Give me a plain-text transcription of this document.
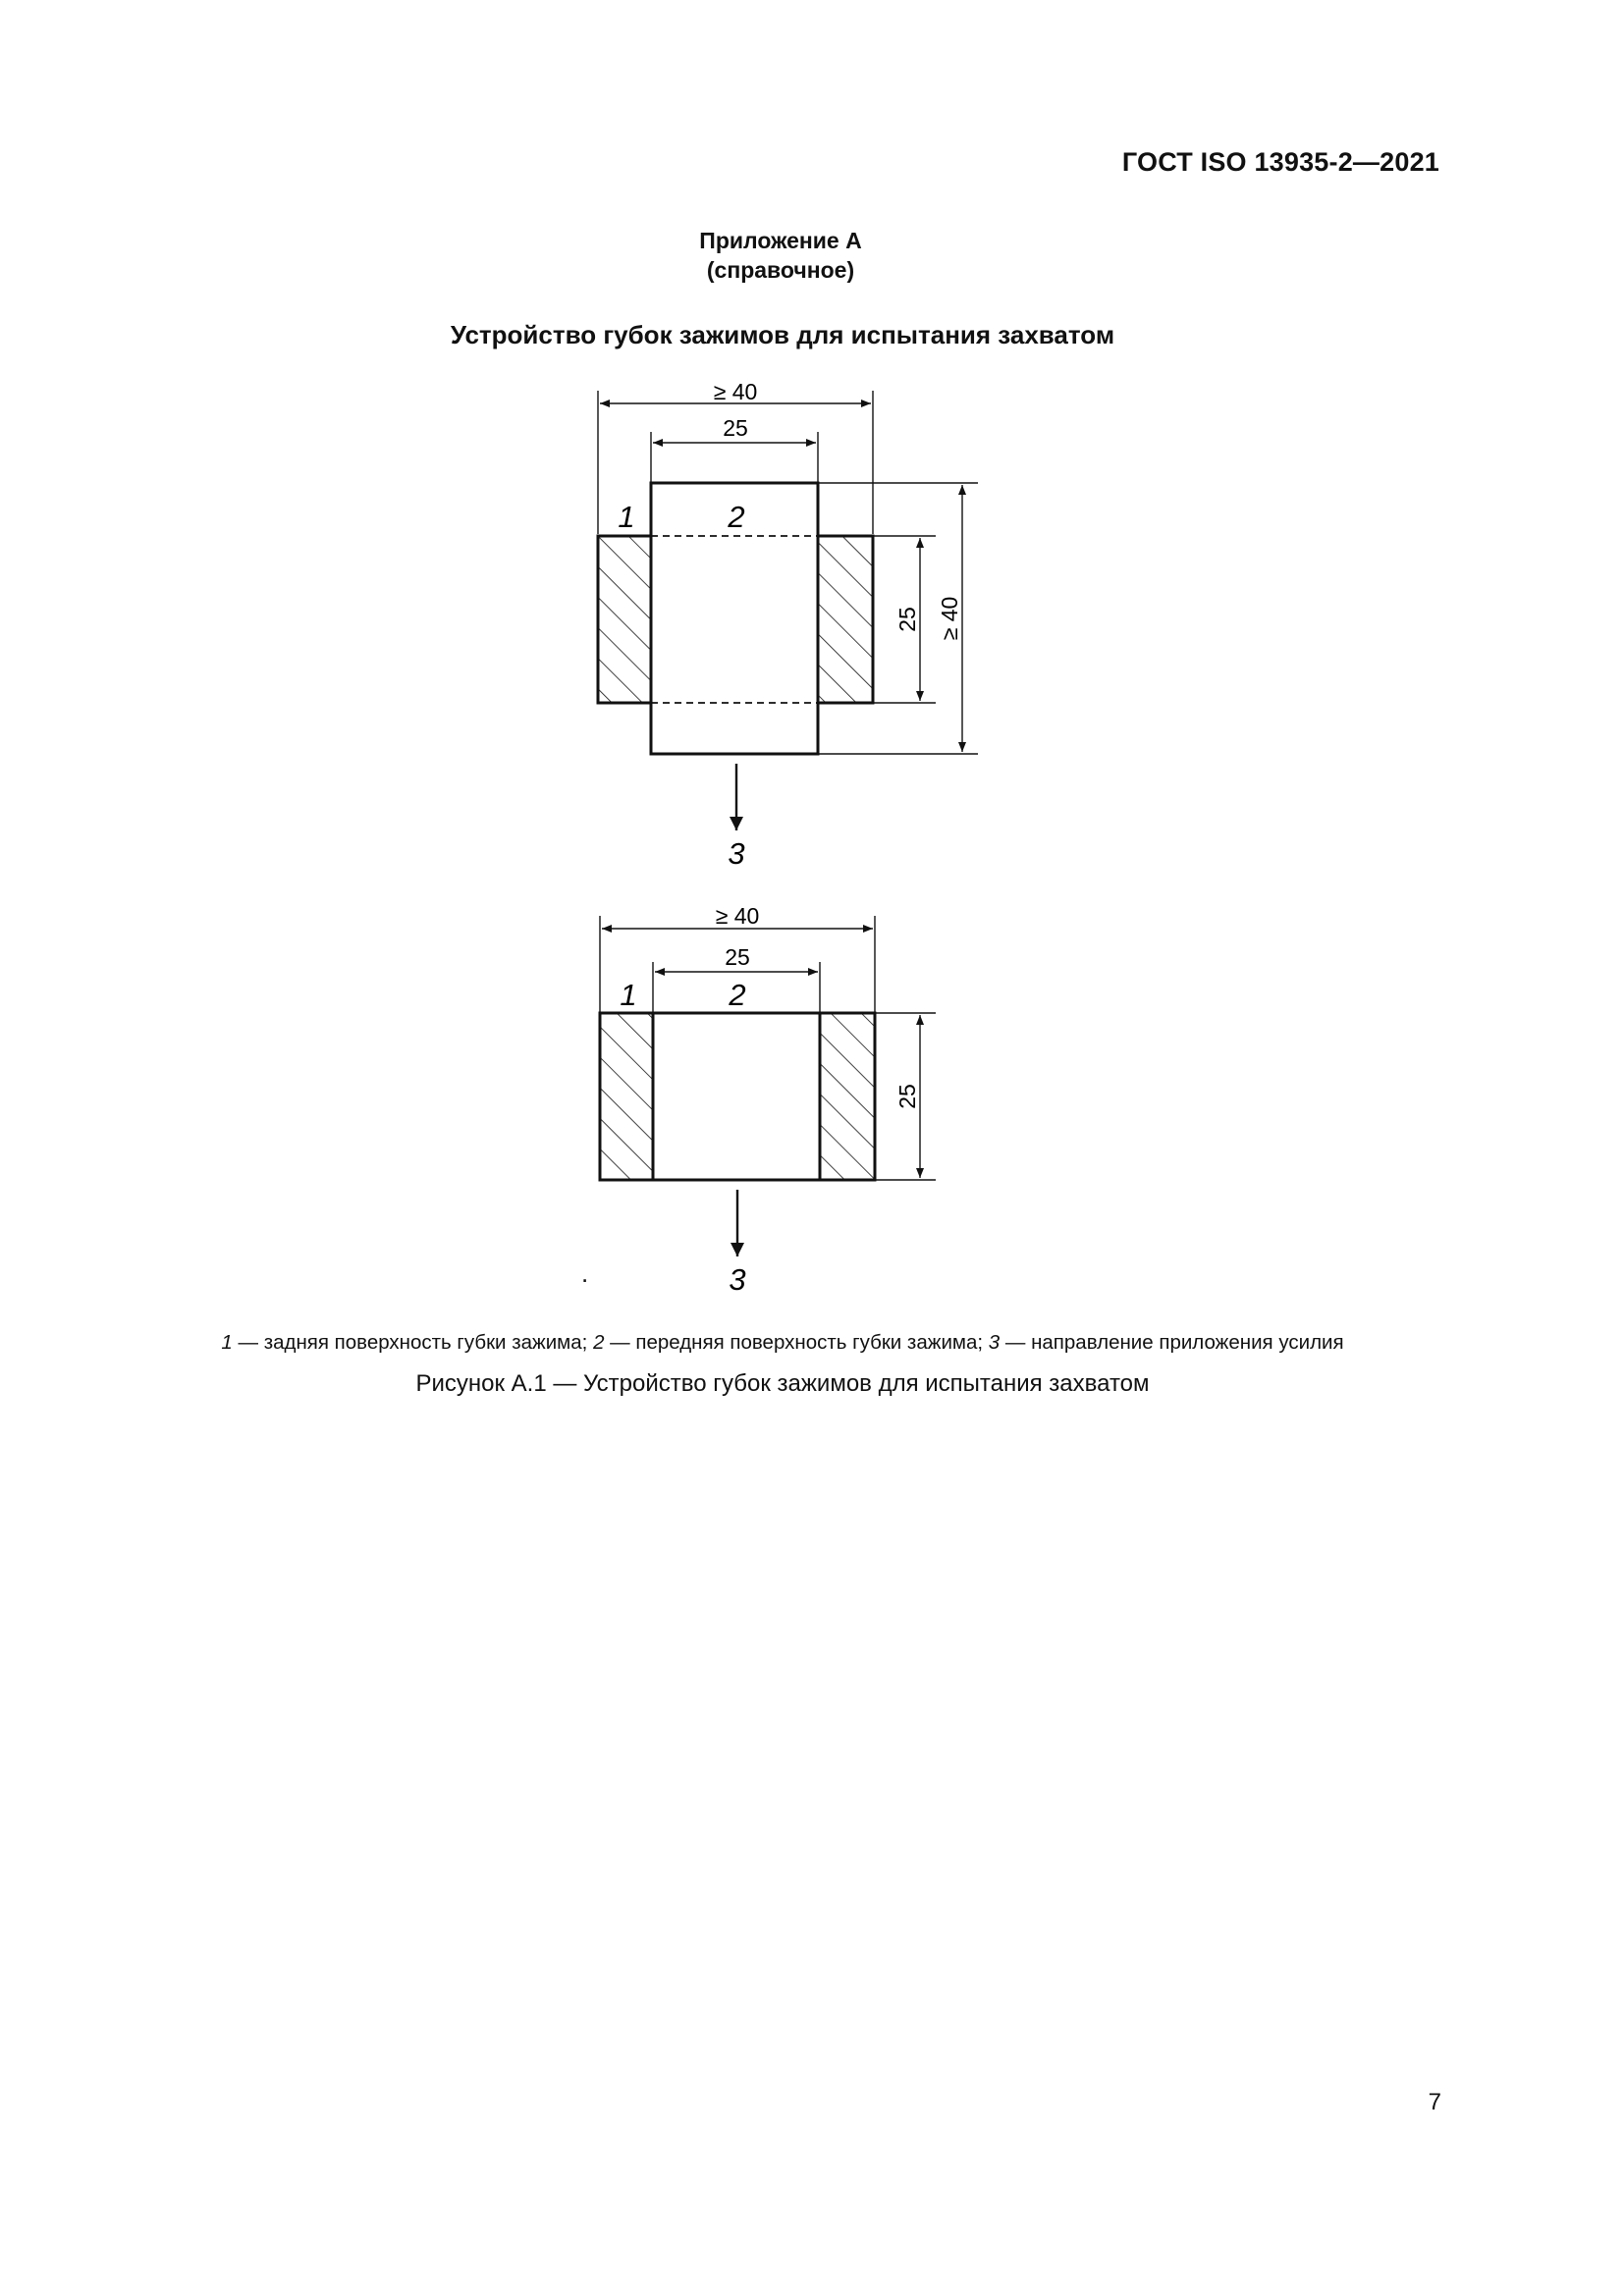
ГОСТ ISO 13935-2—2021
Приложение А
(справочное)
Устройство губок зажимов для испытания захватом
≥ 40
25
25 ≥ 40
1	2
3
≥ 40
25
25
1	2
3
.
1 — задняя поверхность губки зажима; 2 — передняя поверхность губки зажима; 3 — направление приложения усилия
Рисунок А.1 — Устройство губок зажимов для испытания захватом
7
